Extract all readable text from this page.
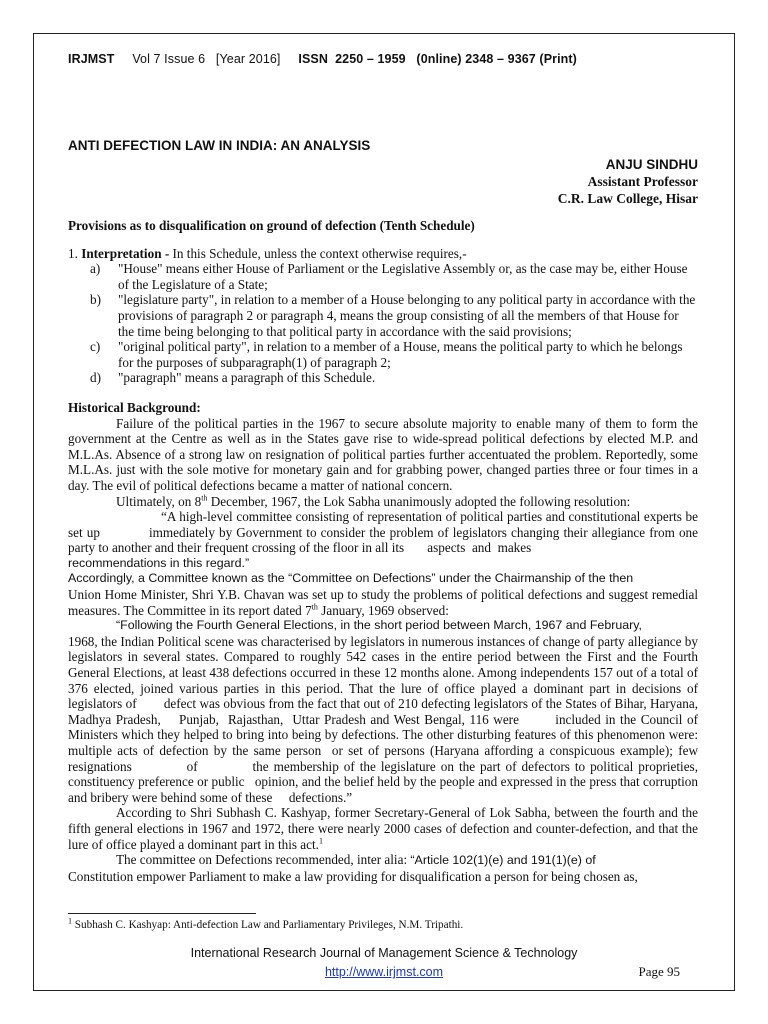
IRJMST Vol 7 Issue 6   [Year 2016] ISSN  2250 – 1959   (0nline) 2348 – 9367 (Print)
ANTI DEFECTION LAW IN INDIA: AN ANALYSIS
ANJU SINDHU
Assistant Professor
C.R. Law College, Hisar

Provisions as to disqualification on ground of defection (Tenth Schedule)

1. Interpretation - In this Schedule, unless the context otherwise requires,-

a)	"House" means either House of Parliament or the Legislative Assembly or, as the case may be, either House of the Legislature of a State;
b)	"legislature party", in relation to a member of a House belonging to any political party in accordance with the provisions of paragraph 2 or paragraph 4, means the group consisting of all the members of that House for the time being belonging to that political party in accordance with the said provisions;
c)	"original political party", in relation to a member of a House, means the political party to which he belongs for the purposes of subparagraph(1) of paragraph 2;
d)	"paragraph" means a paragraph of this Schedule.

Historical Background:

Failure of the political parties in the 1967 to secure absolute majority to enable many of them to form the government at the Centre as well as in the States gave rise to wide-spread political defections by elected M.P. and M.L.As. Absence of a strong law on resignation of political parties further accentuated the problem. Reportedly, some M.L.As. just with the sole motive for monetary gain and for grabbing power, changed parties three or four times in a day. The evil of political defections became a matter of national concern.

Ultimately, on 8th December, 1967, the Lok Sabha unanimously adopted the following resolution:

“A high-level committee consisting of representation of political parties and constitutional experts be set up            immediately by Government to consider the problem of legislators changing their allegiance from one party to another and their frequent crossing of the floor in all its       aspects  and  makes

recommendations in this regard.”

Accordingly, a Committee known as the “Committee on Defections” under the Chairmanship of the then

Union Home Minister, Shri Y.B. Chavan was set up to study the problems of political defections and suggest remedial measures. The Committee in its report dated 7th January, 1969 observed:

“Following the Fourth General Elections, in the short period between March, 1967 and February,

1968, the Indian Political scene was characterised by legislators in numerous instances of change of party allegiance by legislators in several states. Compared to roughly 542 cases in the entire period between the First and the Fourth General Elections, at least 438 defections occurred in these 12 months alone. Among independents 157 out of a total of 376 elected, joined various parties in this period. That the lure of office played a dominant part in decisions of legislators of        defect was obvious from the fact that out of 210 defecting legislators of the States of Bihar, Haryana, Madhya Pradesh,    Punjab,  Rajasthan,  Uttar Pradesh and West Bengal, 116 were        included in the Council of Ministers which they helped to bring into being by defections. The other disturbing features of this phenomenon were: multiple acts of defection by the same person  or set of persons (Haryana affording a conspicuous example); few           resignations           of           the membership of the legislature on the part of defectors to political proprieties, constituency preference or public   opinion, and the belief held by the people and expressed in the press that corruption and bribery were behind some of these     defections.”

According to Shri Subhash C. Kashyap, former Secretary-General of Lok Sabha, between the fourth and the fifth general elections in 1967 and 1972, there were nearly 2000 cases of defection and counter-defection, and that the lure of office played a dominant part in this act.$^1$

The committee on Defections recommended, inter alia: “Article 102(1)(e) and 191(1)(e) of

Constitution empower Parliament to make a law providing for disqualification a person for being chosen as,

$^1$ Subhash C. Kashyap: Anti-defection Law and Parliamentary Privileges, N.M. Tripathi.
International Research Journal of Management Science & Technology
http://www.irjmst.com	Page 95
